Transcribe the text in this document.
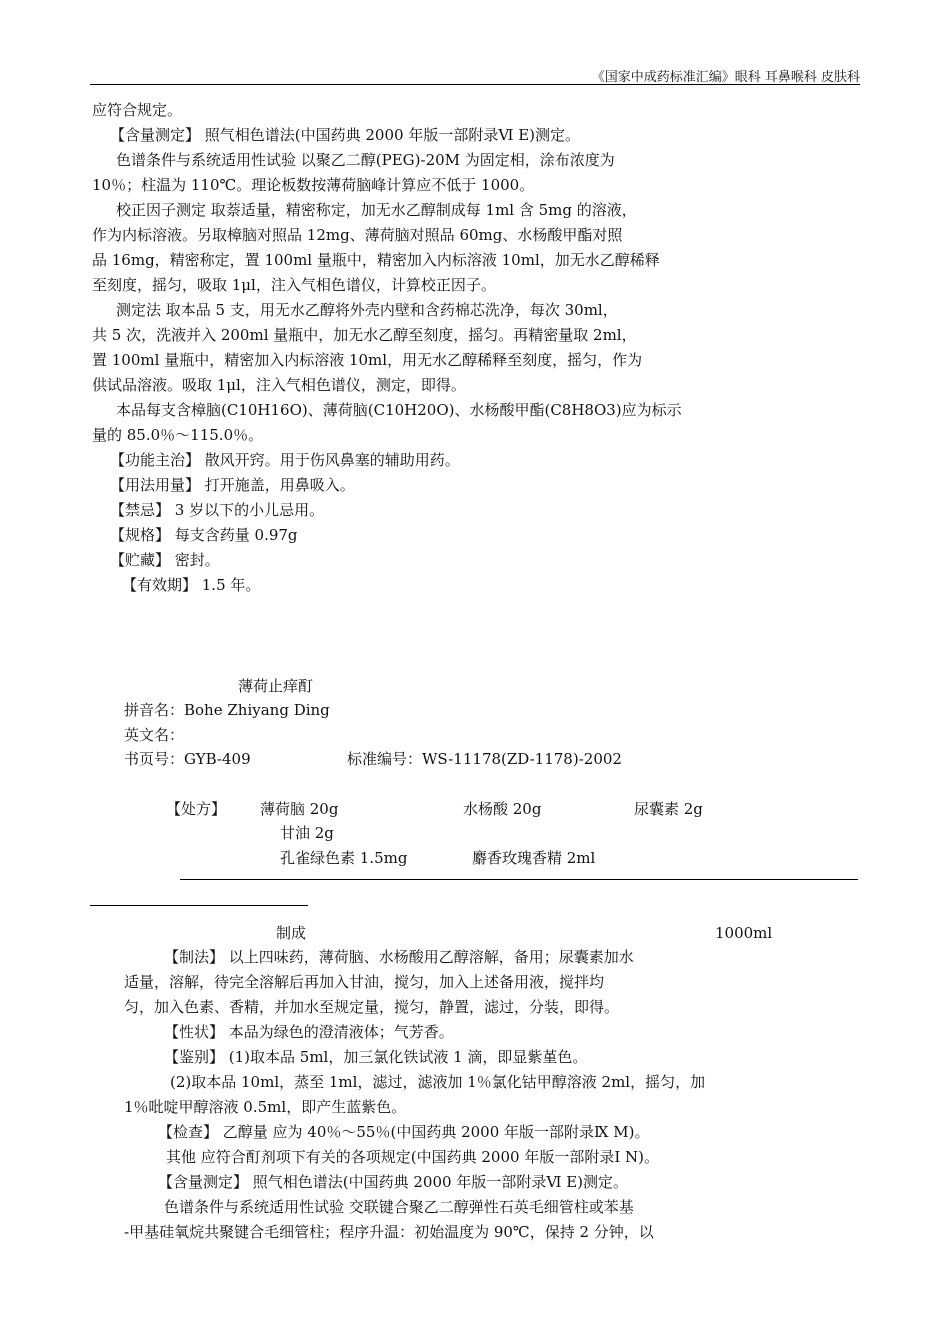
《国家中成药标准汇编》眼科 耳鼻喉科 皮肤科
应符合规定。
【含量测定】 照气相色谱法(中国药典 2000 年版一部附录Ⅵ E)测定。
色谱条件与系统适用性试验 以聚乙二醇(PEG)-20M 为固定相，涂布浓度为
10％；柱温为 110℃。理论板数按薄荷脑峰计算应不低于 1000。
校正因子测定 取萘适量，精密称定，加无水乙醇制成每 1ml 含 5mg 的溶液，
作为内标溶液。另取樟脑对照品 12mg、薄荷脑对照品 60mg、水杨酸甲酯对照
品 16mg，精密称定，置 100ml 量瓶中，精密加入内标溶液 10ml，加无水乙醇稀释
至刻度，摇匀，吸取 1μl，注入气相色谱仪，计算校正因子。
测定法 取本品 5 支，用无水乙醇将外壳内壁和含药棉芯洗净，每次 30ml，
共 5 次，洗液并入 200ml 量瓶中，加无水乙醇至刻度，摇匀。再精密量取 2ml，
置 100ml 量瓶中，精密加入内标溶液 10ml，用无水乙醇稀释至刻度，摇匀，作为
供试品溶液。吸取 1μl，注入气相色谱仪，测定，即得。
本品每支含樟脑(C10H16O)、薄荷脑(C10H20O)、水杨酸甲酯(C8H8O3)应为标示
量的 85.0％～115.0％。
【功能主治】 散风开窍。用于伤风鼻塞的辅助用药。
【用法用量】 打开施盖，用鼻吸入。
【禁忌】 3 岁以下的小儿忌用。
【规格】 每支含药量 0.97g
【贮藏】 密封。
【有效期】 1.5 年。
薄荷止痒酊
拼音名：Bohe Zhiyang Ding
英文名：
书页号：GYB-409	标准编号：WS-11178(ZD-1178)-2002
【处方】 薄荷脑 20g	水杨酸 20g	尿囊素 2g
甘油 2g
孔雀绿色素 1.5mg	麝香玫瑰香精 2ml
制成	1000ml
【制法】 以上四味药，薄荷脑、水杨酸用乙醇溶解，备用；尿囊素加水
适量，溶解，待完全溶解后再加入甘油，搅匀，加入上述备用液，搅拌均
匀，加入色素、香精，并加水至规定量，搅匀，静置，滤过，分装，即得。
【性状】 本品为绿色的澄清液体；气芳香。
【鉴别】 (1)取本品 5ml，加三氯化铁试液 1 滴，即显紫堇色。
(2)取本品 10ml，蒸至 1ml，滤过，滤液加 1％氯化钴甲醇溶液 2ml，摇匀，加
1％吡啶甲醇溶液 0.5ml，即产生蓝紫色。
【检查】 乙醇量 应为 40％～55％(中国药典 2000 年版一部附录Ⅸ M)。
其他 应符合酊剂项下有关的各项规定(中国药典 2000 年版一部附录Ⅰ N)。
【含量测定】 照气相色谱法(中国药典 2000 年版一部附录Ⅵ E)测定。
色谱条件与系统适用性试验 交联键合聚乙二醇弹性石英毛细管柱或苯基
-甲基硅氧烷共聚键合毛细管柱；程序升温：初始温度为 90℃，保持 2 分钟，以
